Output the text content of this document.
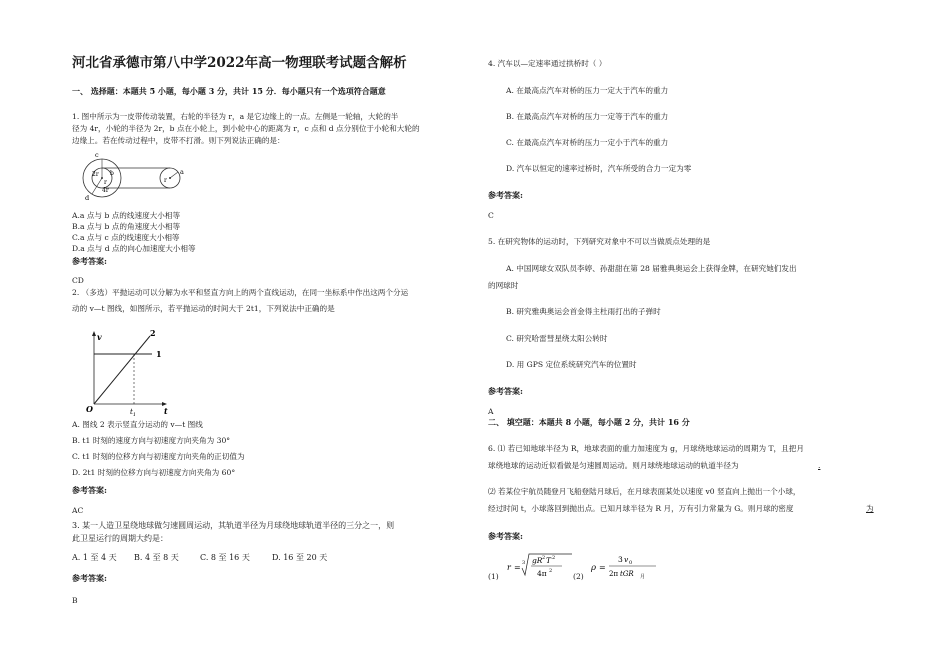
河北省承德市第八中学2022年高一物理联考试题含解析
一、 选择题：本题共 5 小题，每小题 3 分，共计 15 分．每小题只有一个选项符合题意
1. 图中所示为一皮带传动装置，右轮的半径为 r，a 是它边缘上的一点。左侧是一轮轴，大轮的半
径为 4r，小轮的半径为 2r，b 点在小轮上，到小轮中心的距离为 r，c 点和 d 点分别位于小轮和大轮的
边缘上。若在传动过程中，皮带不打滑。则下列说法正确的是：
c
2r b
r
4r
d
r
a
A.a 点与 b 点的线速度大小相等
B.a 点与 b 点的角速度大小相等
C.a 点与 c 点的线速度大小相等
D.a 点与 d 点的向心加速度大小相等
参考答案:
CD
2. （多选）平抛运动可以分解为水平和竖直方向上的两个直线运动，在同一坐标系中作出这两个分运
动的 v—t 图线，如图所示，若平抛运动的时间大于 2t1，下列说法中正确的是
v
t
O	$t_1$
1
2
A. 图线 2 表示竖直分运动的 v—t 图线
B. t1 时刻的速度方向与初速度方向夹角为 30°
C. t1 时刻的位移方向与初速度方向夹角的正切值为
D. 2t1 时刻的位移方向与初速度方向夹角为 60°
参考答案:
AC
3. 某一人造卫星绕地球做匀速圆周运动，其轨道半径为月球绕地球轨道半径的三分之一，则
此卫星运行的周期大约是：
A. 1 至 4 天 B. 4 至 8 天	C. 8 至 16 天	D. 16 至 20 天
参考答案:
B
4. 汽车以—定速率通过拱桥时（ ）
A. 在最高点汽车对桥的压力一定大于汽车的重力
B. 在最高点汽车对桥的压力一定等于汽车的重力
C. 在最高点汽车对桥的压力一定小于汽车的重力
D. 汽车以恒定的速率过桥时，汽车所受的合力一定为零
参考答案:
C
5. 在研究物体的运动时，下列研究对象中不可以当做质点处理的是
A. 中国网球女双队员李婷、孙甜甜在第 28 届雅典奥运会上获得金牌，在研究她们发出
的网球时
B. 研究雅典奥运会首金得主杜雨打出的子弹时
C. 研究哈雷彗星绕太阳公转时
D. 用 GPS 定位系统研究汽车的位置时
参考答案:
A
二、 填空题：本题共 8 小题，每小题 2 分，共计 16 分
6. ⑴ 若已知地球半径为 R，地球表面的重力加速度为 g，月球绕地球运动的周期为 T，且把月
球绕地球的运动近似看做是匀速圆周运动。则月球绕地球运动的轨道半径为	.
⑵ 若某位宇航员随登月飞船登陆月球后，在月球表面某处以速度 v0 竖直向上抛出一个小球，
经过时间 t，小球落回到抛出点。已知月球半径为 R 月，万有引力常量为 G。则月球的密度	为
参考答案:
(1)
r = 3 gR 2 T 2
4π 2
(2)
ρ =
3 v 0
2π tGR 月
